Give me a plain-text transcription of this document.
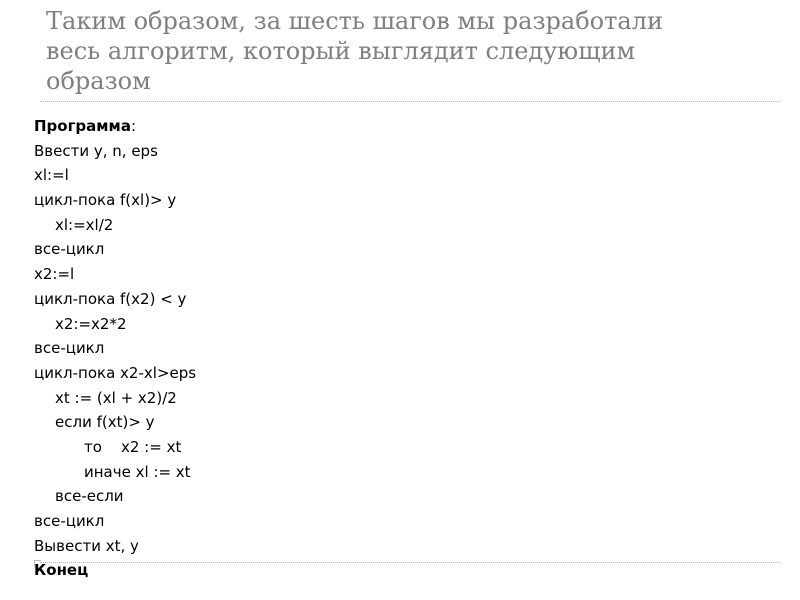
Таким образом, за шесть шагов мы разработали
весь алгоритм, который выглядит следующим
образом
Программа:
Ввести y, n, eps
xl:=l
цикл-пока f(xl)> y
xl:=xl/2
все-цикл
x2:=l
цикл-пока f(x2) < y
x2:=x2*2
все-цикл
цикл-пока x2-xl>eps
xt := (xl + x2)/2
если f(xt)> y
то    x2 := xt
иначе xl := xt
все-если
все-цикл
Вывести xt, y
Конец
